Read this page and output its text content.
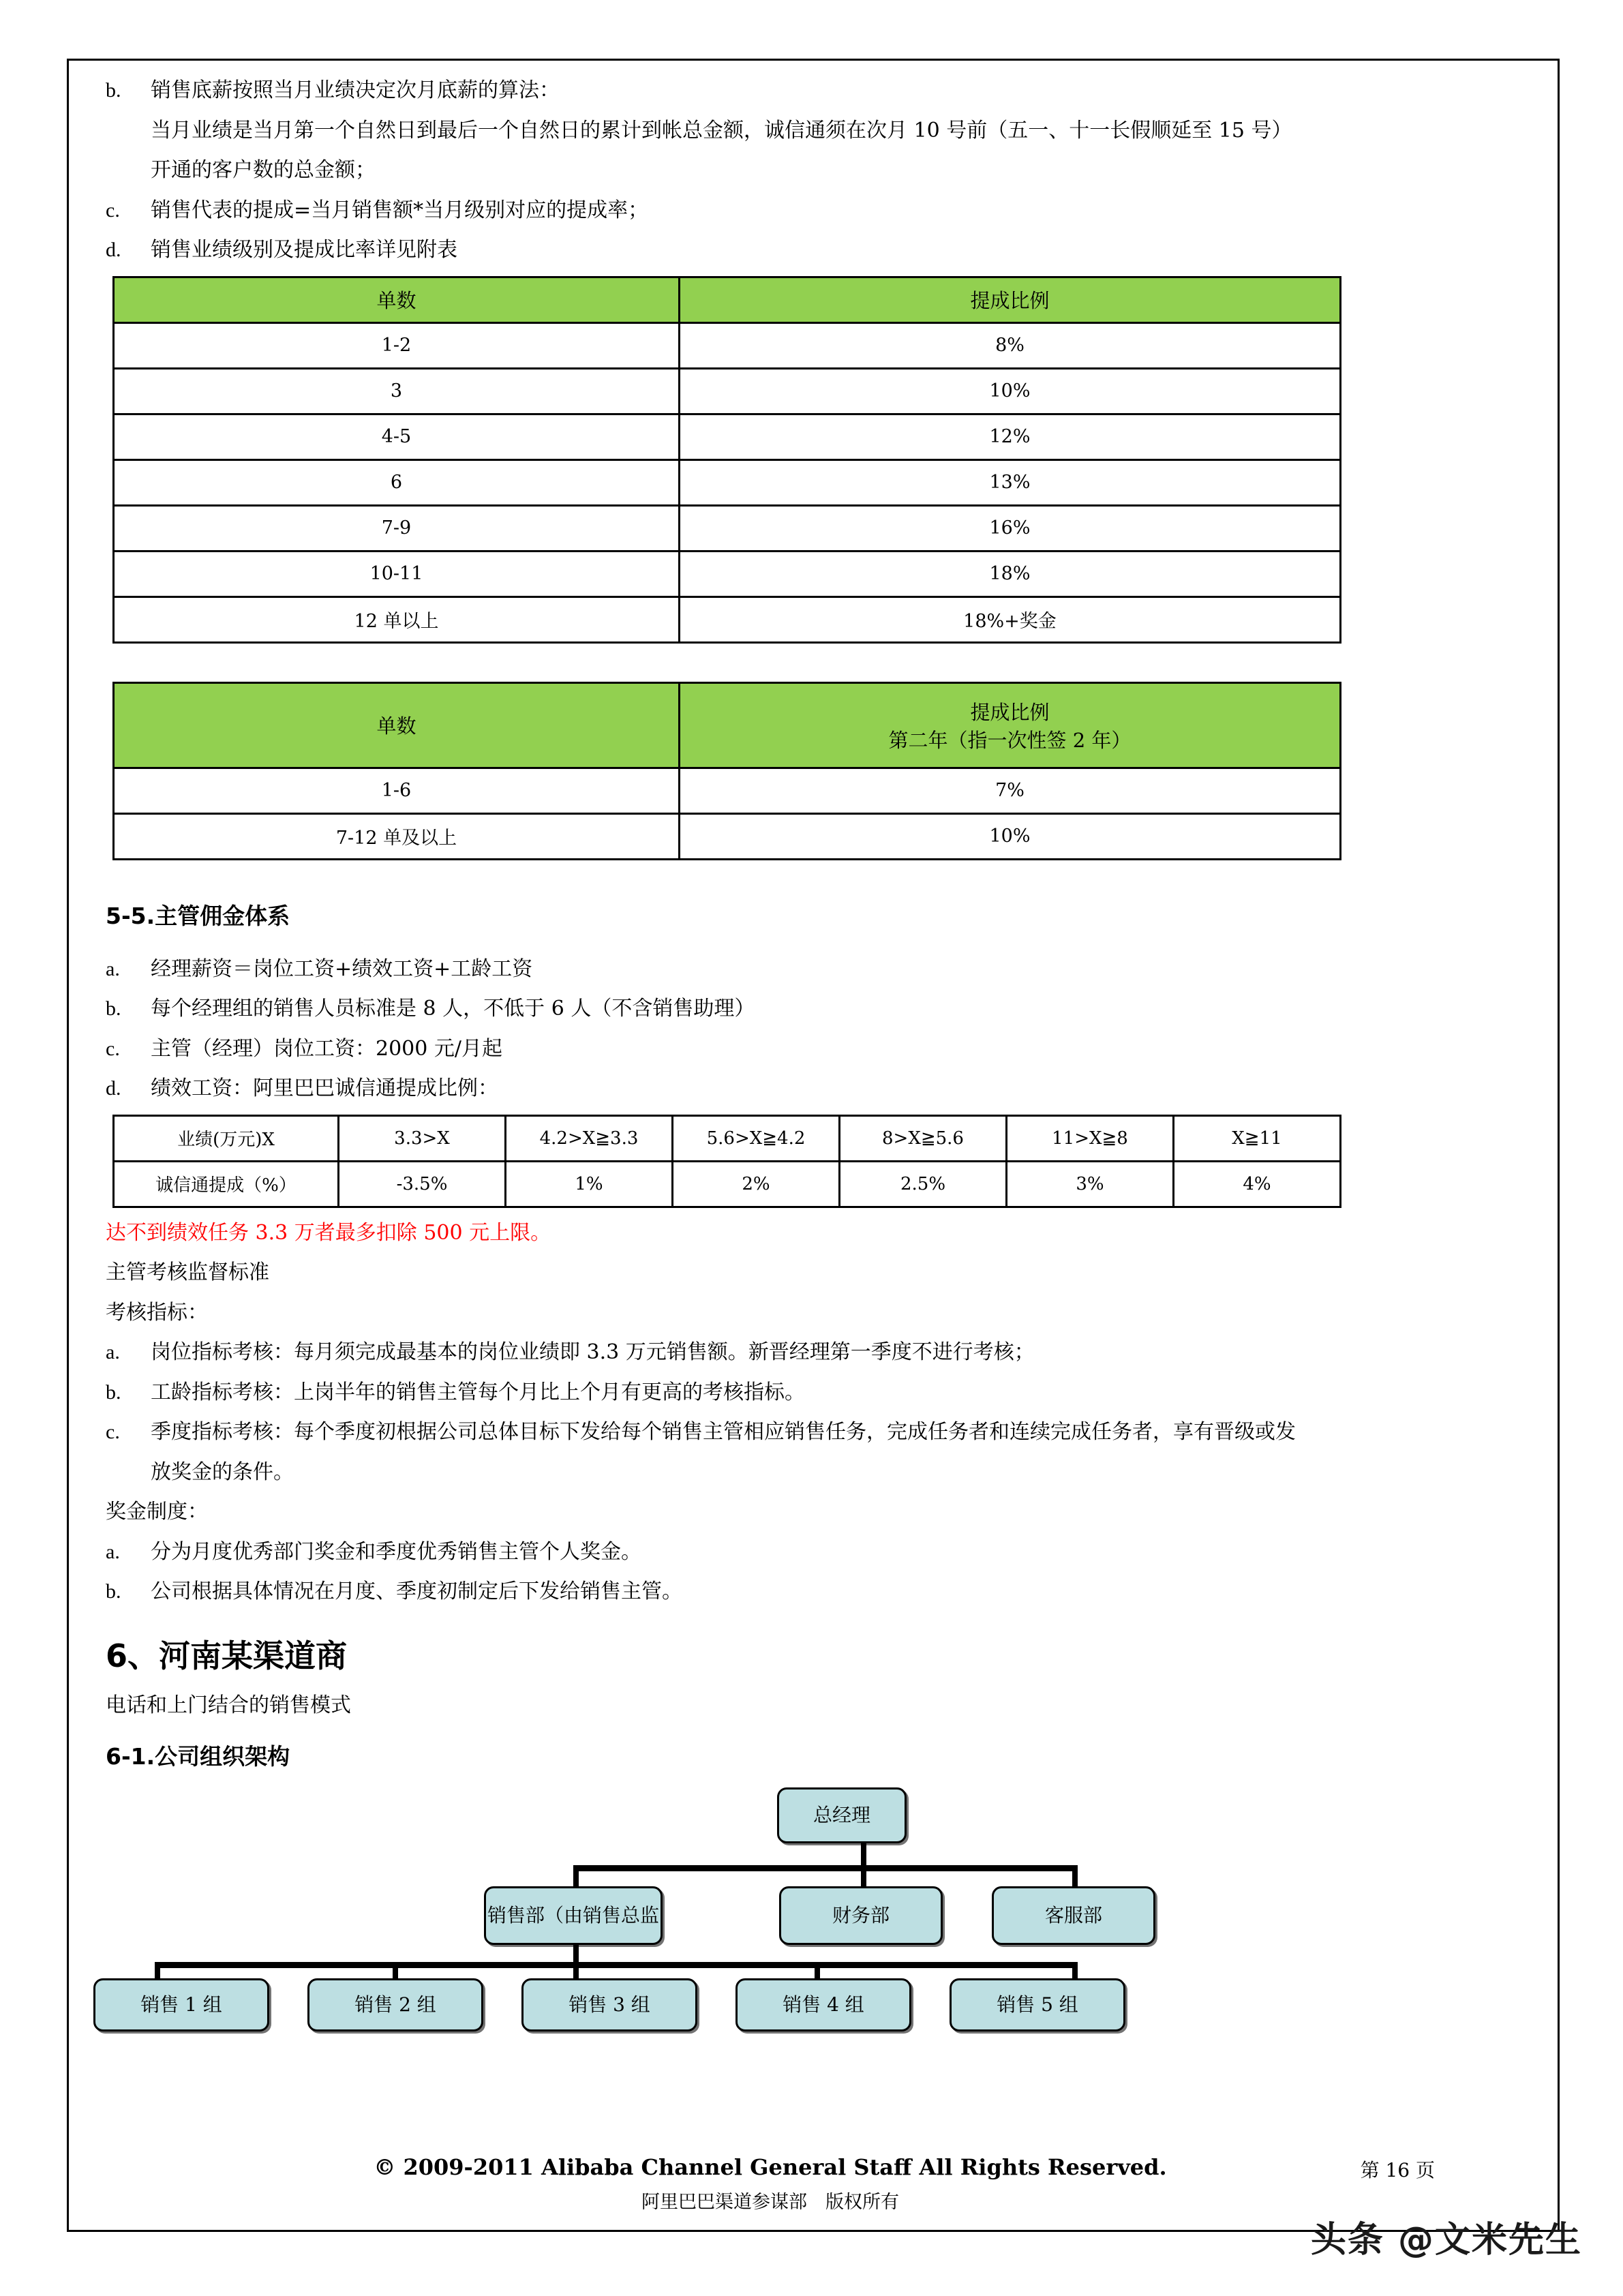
b.	销售底薪按照当月业绩决定次月底薪的算法：
当月业绩是当月第一个自然日到最后一个自然日的累计到帐总金额，诚信通须在次月 10 号前（五一、十一长假顺延至 15 号）
开通的客户数的总金额；
c.	销售代表的提成=当月销售额*当月级别对应的提成率；
d.	销售业绩级别及提成比率详见附表
单数	提成比例
1-2	8%
3	10%
4-5	12%
6	13%
7-9	16%
10-11	18%
12 单以上	18%+奖金
单数	提成比例
第二年（指一次性签 2 年）

1-6	7%
7-12 单及以上	10%
5-5.主管佣金体系
a.	经理薪资＝岗位工资+绩效工资+工龄工资
b.	每个经理组的销售人员标准是 8 人，不低于 6 人（不含销售助理）
c.	主管（经理）岗位工资：2000 元/月起
d.	绩效工资：阿里巴巴诚信通提成比例：
业绩(万元)X	3.3>X	4.2>X≧3.3	5.6>X≧4.2	8>X≧5.6	11>X≧8	X≧11
诚信通提成（%）	-3.5%	1%	2%	2.5%	3%	4%
达不到绩效任务 3.3 万者最多扣除 500 元上限。
主管考核监督标准
考核指标：
a.	岗位指标考核：每月须完成最基本的岗位业绩即 3.3 万元销售额。新晋经理第一季度不进行考核；
b.	工龄指标考核：上岗半年的销售主管每个月比上个月有更高的考核指标。
c.	季度指标考核：每个季度初根据公司总体目标下发给每个销售主管相应销售任务，完成任务者和连续完成任务者，享有晋级或发
放奖金的条件。
奖金制度：
a.	分为月度优秀部门奖金和季度优秀销售主管个人奖金。
b.	公司根据具体情况在月度、季度初制定后下发给销售主管。
6、河南某渠道商
电话和上门结合的销售模式
6-1.公司组织架构
总经理
销售部（由销售总监	财务部	客服部
销售 1 组	销售 2 组	销售 3 组	销售 4 组	销售 5 组
© 2009-2011 Alibaba Channel General Staff All Rights Reserved.
阿里巴巴渠道参谋部　版权所有
第 16 页
头条 @文米先生
